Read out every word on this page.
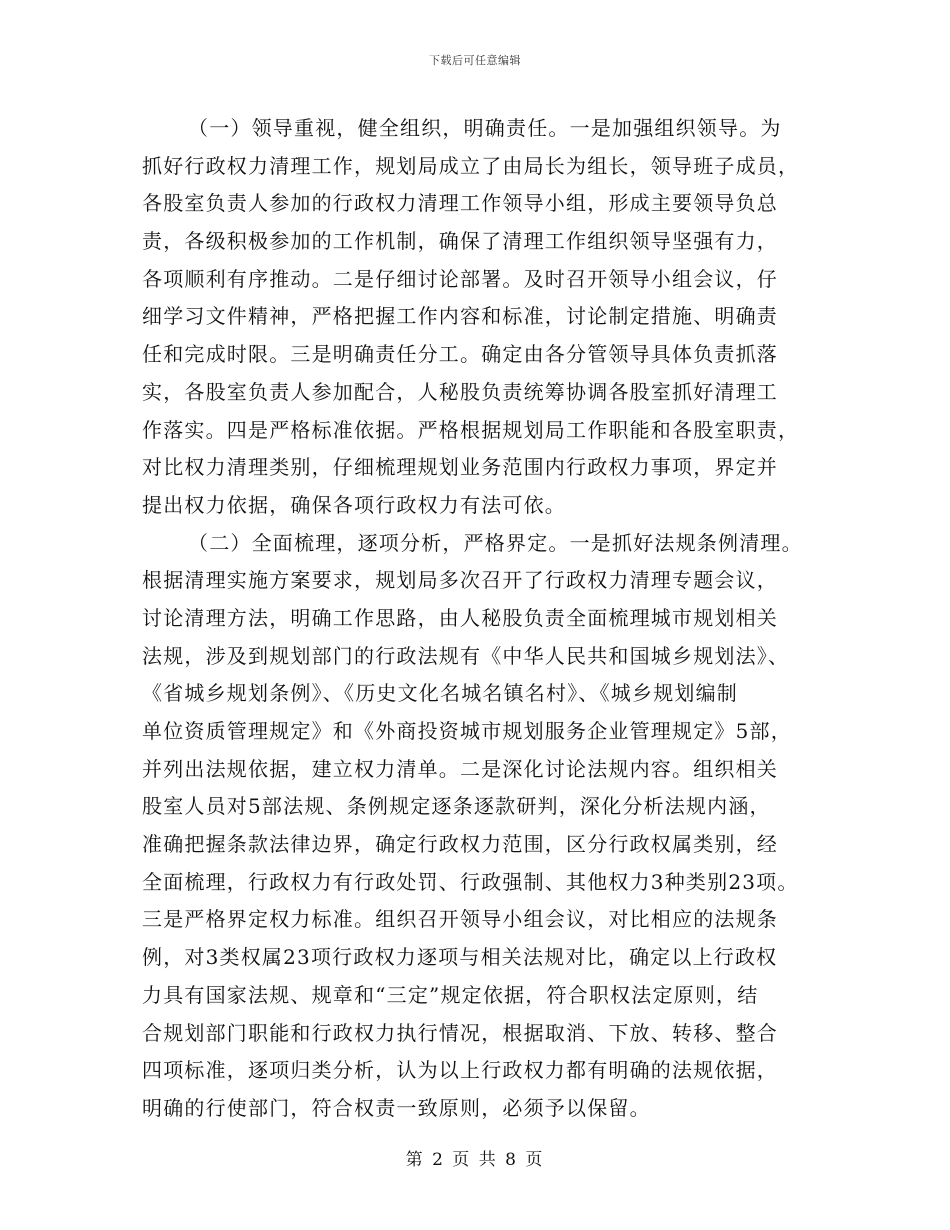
下载后可任意编辑
（一）领导重视，健全组织，明确责任。一是加强组织领导。为
抓好行政权力清理工作，规划局成立了由局长为组长，领导班子成员，
各股室负责人参加的行政权力清理工作领导小组，形成主要领导负总
责，各级积极参加的工作机制，确保了清理工作组织领导坚强有力，
各项顺利有序推动。二是仔细讨论部署。及时召开领导小组会议，仔
细学习文件精神，严格把握工作内容和标准，讨论制定措施、明确责
任和完成时限。三是明确责任分工。确定由各分管领导具体负责抓落
实，各股室负责人参加配合，人秘股负责统筹协调各股室抓好清理工
作落实。四是严格标准依据。严格根据规划局工作职能和各股室职责，
对比权力清理类别，仔细梳理规划业务范围内行政权力事项，界定并
提出权力依据，确保各项行政权力有法可依。
（二）全面梳理，逐项分析，严格界定。一是抓好法规条例清理。
根据清理实施方案要求，规划局多次召开了行政权力清理专题会议，
讨论清理方法，明确工作思路，由人秘股负责全面梳理城市规划相关
法规，涉及到规划部门的行政法规有《中华人民共和国城乡规划法》、
《省城乡规划条例》、《历史文化名城名镇名村》、《城乡规划编制
单位资质管理规定》和《外商投资城市规划服务企业管理规定》5部，
并列出法规依据，建立权力清单。二是深化讨论法规内容。组织相关
股室人员对5部法规、条例规定逐条逐款研判，深化分析法规内涵，
准确把握条款法律边界，确定行政权力范围，区分行政权属类别，经
全面梳理，行政权力有行政处罚、行政强制、其他权力3种类别23项。
三是严格界定权力标准。组织召开领导小组会议，对比相应的法规条
例，对3类权属23项行政权力逐项与相关法规对比，确定以上行政权
力具有国家法规、规章和“三定”规定依据，符合职权法定原则，结
合规划部门职能和行政权力执行情况，根据取消、下放、转移、整合
四项标准，逐项归类分析，认为以上行政权力都有明确的法规依据，
明确的行使部门，符合权责一致原则，必须予以保留。
第 2 页 共 8 页
